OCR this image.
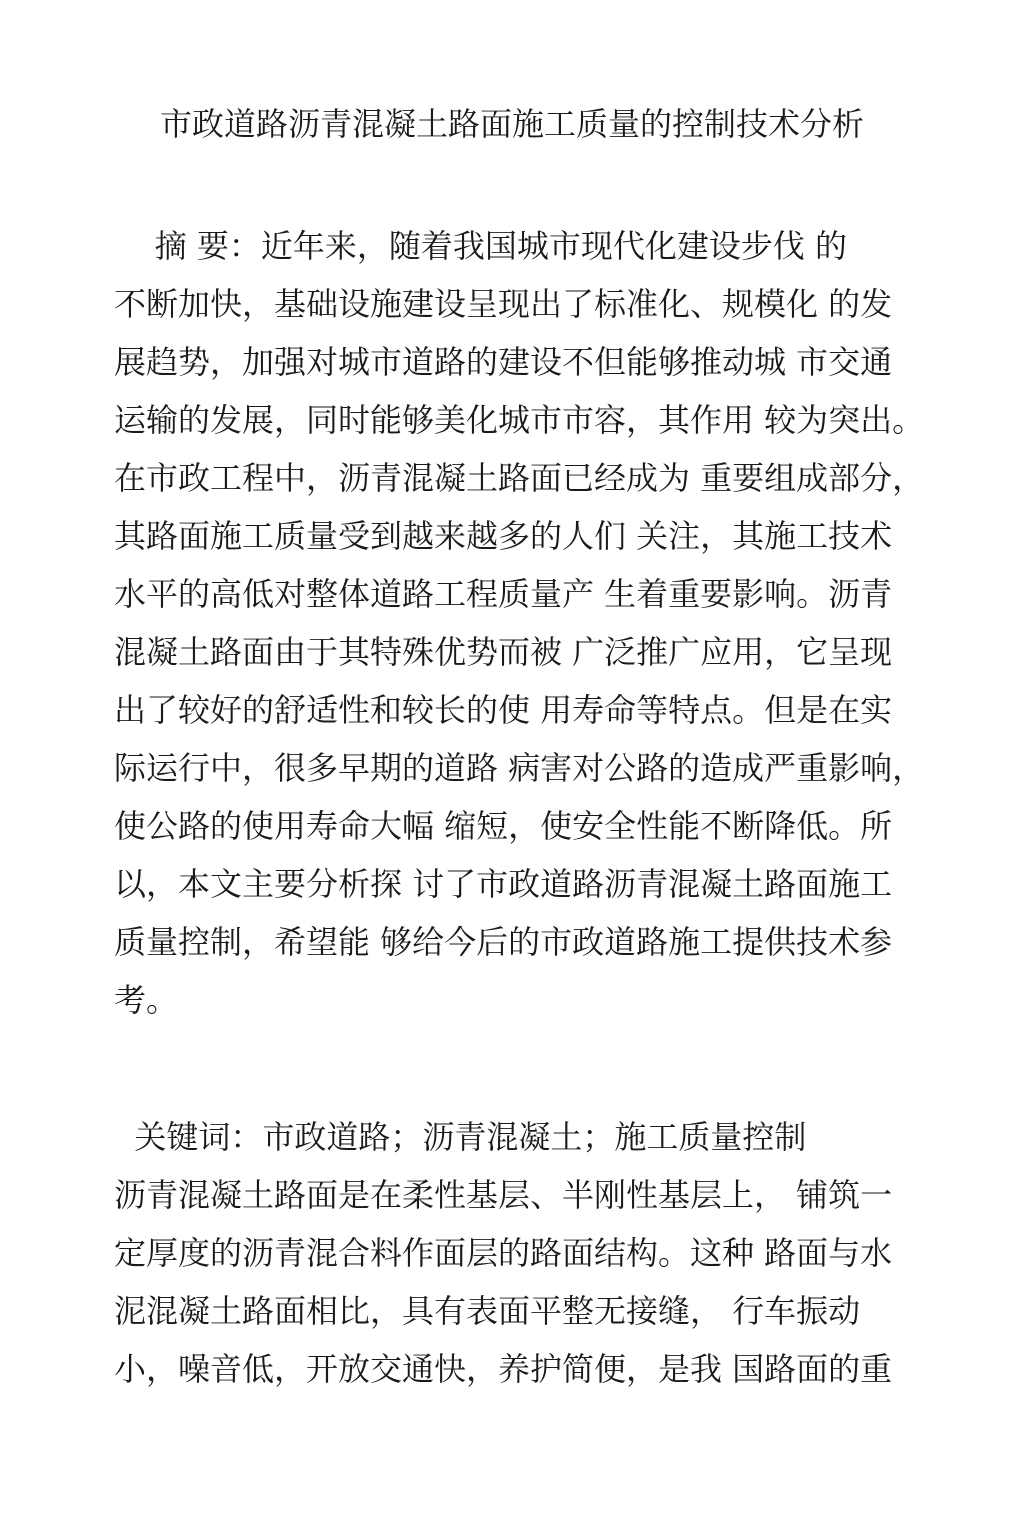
市政道路沥青混凝土路面施工质量的控制技术分析
摘 要：近年来，随着我国城市现代化建设步伐 的
不断加快，基础设施建设呈现出了标准化、规模化 的发
展趋势，加强对城市道路的建设不但能够推动城 市交通
运输的发展，同时能够美化城市市容，其作用 较为突出。
在市政工程中，沥青混凝土路面已经成为 重要组成部分，
其路面施工质量受到越来越多的人们 关注，其施工技术
水平的高低对整体道路工程质量产 生着重要影响。沥青
混凝土路面由于其特殊优势而被 广泛推广应用，它呈现
出了较好的舒适性和较长的使 用寿命等特点。但是在实
际运行中，很多早期的道路 病害对公路的造成严重影响，
使公路的使用寿命大幅 缩短，使安全性能不断降低。所
以，本文主要分析探 讨了市政道路沥青混凝土路面施工
质量控制，希望能 够给今后的市政道路施工提供技术参
考。
关键词：市政道路；沥青混凝土；施工质量控制
沥青混凝土路面是在柔性基层、半刚性基层上， 铺筑一
定厚度的沥青混合料作面层的路面结构。这种 路面与水
泥混凝土路面相比，具有表面平整无接缝， 行车振动
小，噪音低，开放交通快，养护简便，是我 国路面的重
